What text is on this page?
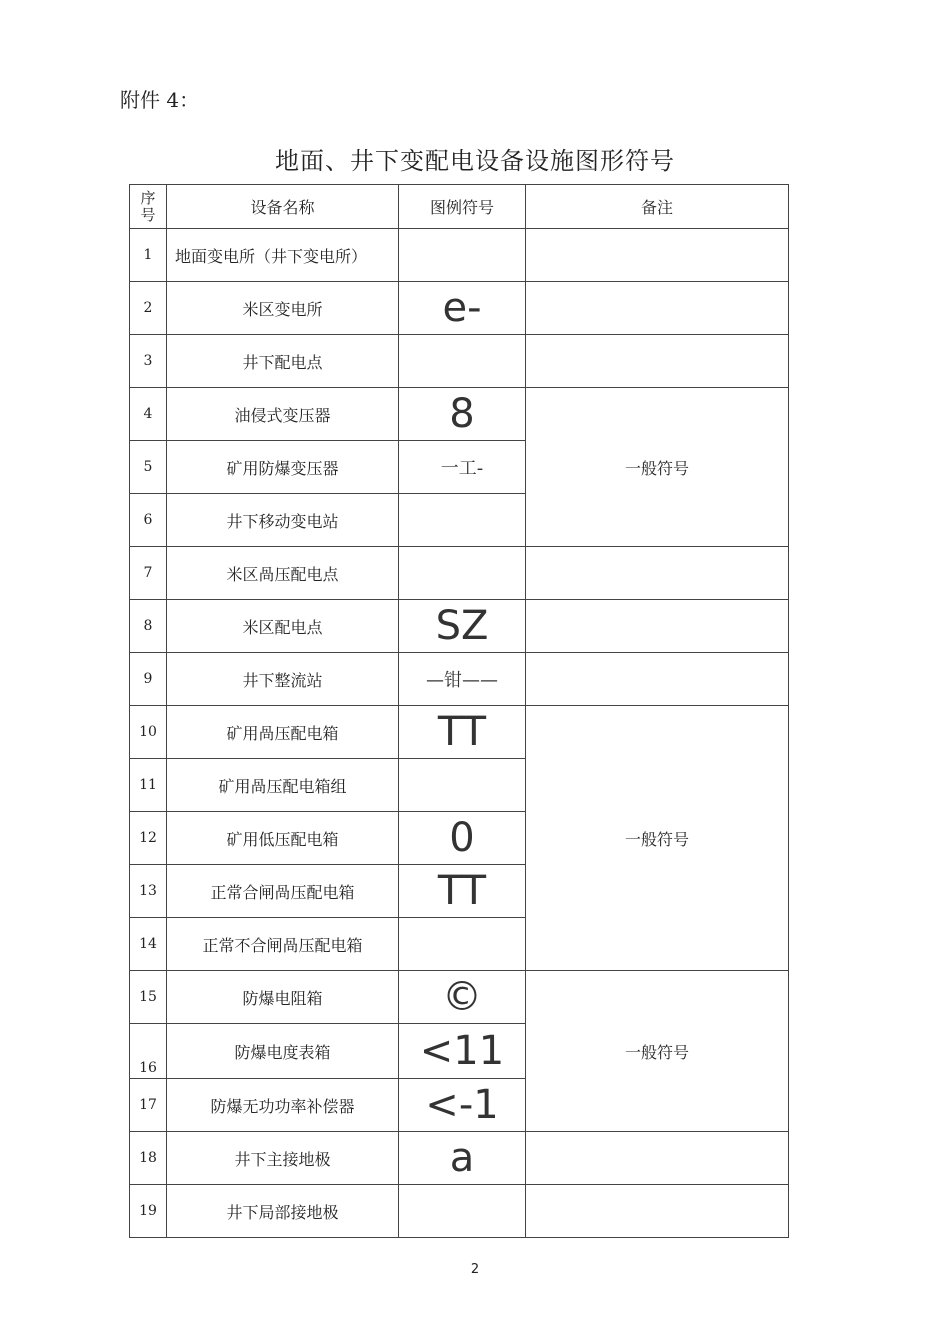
附件 4：
地面、井下变配电设备设施图形符号
序号	设备名称	图例符号	备注
1	地面变电所（井下变电所）		
2	米区变电所	e-	
3	井下配电点		
4	油侵式变压器	8	一般符号
5	矿用防爆变压器	一工-	
6	井下移动变电站		
7	米区咼压配电点		
8	米区配电点	SZ	
9	井下整流站	—钳——	
10	矿用咼压配电箱	TT	一般符号
11	矿用咼压配电箱组		
12	矿用低压配电箱	0	
13	正常合闸咼压配电箱	TT	
14	正常不合闸咼压配电箱		
15	防爆电阻箱	©	一般符号
16	防爆电度表箱	<11	
17	防爆无功功率补偿器	<-1	
18	井下主接地极	a	
19	井下局部接地极		
2
